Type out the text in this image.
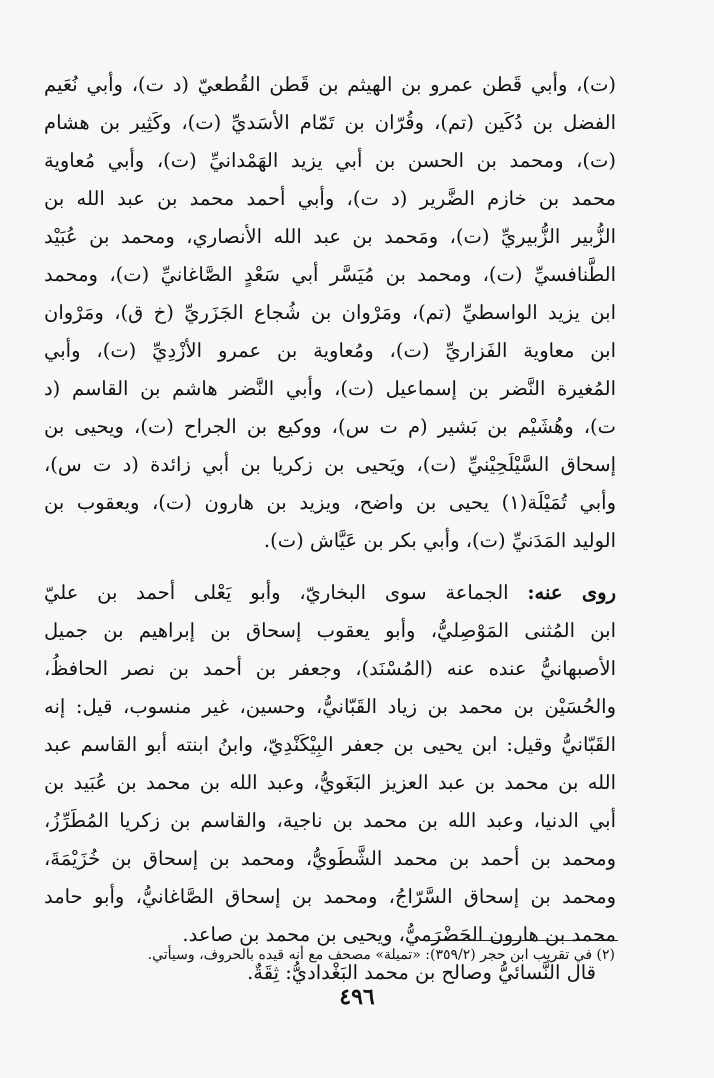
(ت)، وأبي قَطن عمرو بن الهيثم بن قَطن القُطعيّ (د ت)، وأبي نُعَيم
الفضل بن دُكَين (تم)، وقُرّان بن تَمّام الأسَديِّ (ت)، وكَثِير بن هشام
(ت)، ومحمد بن الحسن بن أبي يزيد الهَمْدانيِّ (ت)، وأبي مُعاوية
محمد بن خازم الضَّرير (د ت)، وأبي أحمد محمد بن عبد الله بن
الزُّبير الزُّبيريِّ (ت)، ومَحمد بن عبد الله الأنصاري، ومحمد بن عُبَيْد
الطَّنافسيِّ (ت)، ومحمد بن مُيَسَّر أبي سَعْدٍ الصَّاغانيِّ (ت)، ومحمد
ابن يزيد الواسطيِّ (تم)، ومَرْوان بن شُجاع الجَزَريِّ (خ ق)، ومَرْوان
ابن معاوية الفَزاريِّ (ت)، ومُعاوية بن عمرو الأزْدِيِّ (ت)، وأبي
المُغيرة النَّضر بن إسماعيل (ت)، وأبي النَّضر هاشم بن القاسم (د
ت)، وهُشَيْم بن بَشير (م ت س)، ووكيع بن الجراح (ت)، ويحيى بن
إسحاق السَّيْلَحِيْنيِّ (ت)، ويَحيى بن زكريا بن أبي زائدة (د ت س)،
وأبي تُمَيْلَة(١) يحيى بن واضح، ويزيد بن هارون (ت)، ويعقوب بن
الوليد المَدَنيِّ (ت)، وأبي بكر بن عَيَّاش (ت).
روى عنه: الجماعة سوى البخاريّ، وأبو يَعْلى أحمد بن عليّ
ابن المُثنى المَوْصِليُّ، وأبو يعقوب إسحاق بن إبراهيم بن جميل
الأصبهانيُّ عنده عنه (المُسْنَد)، وجعفر بن أحمد بن نصر الحافظُ،
والحُسَيْن بن محمد بن زياد القَبّانيُّ، وحسين، غير منسوب، قيل: إنه
القَبّانيُّ وقيل: ابن يحيى بن جعفر البِيْكَنْدِيّ، وابنُ ابنته أبو القاسم عبد
الله بن محمد بن عبد العزيز البَغَويُّ، وعبد الله بن محمد بن عُبَيد بن
أبي الدنيا، وعبد الله بن محمد بن ناجية، والقاسم بن زكريا المُطَرِّزُ،
ومحمد بن أحمد بن محمد الشَّطَويُّ، ومحمد بن إسحاق بن خُزَيْمَةَ،
ومحمد بن إسحاق السَّرّاجُ، ومحمد بن إسحاق الصَّاغانيُّ، وأبو حامد
محمد بن هارون الحَضْرَميُّ، ويحيى بن محمد بن صاعد.
قال النَّسائيُّ وصالح بن محمد البَغْداديُّ: ثِقَةٌ.
(٢) في تقريب ابن حجر (٣٥٩/٢): «تميلة» مصحف مع أنه قيده بالحروف، وسيأتي.
٤٩٦
